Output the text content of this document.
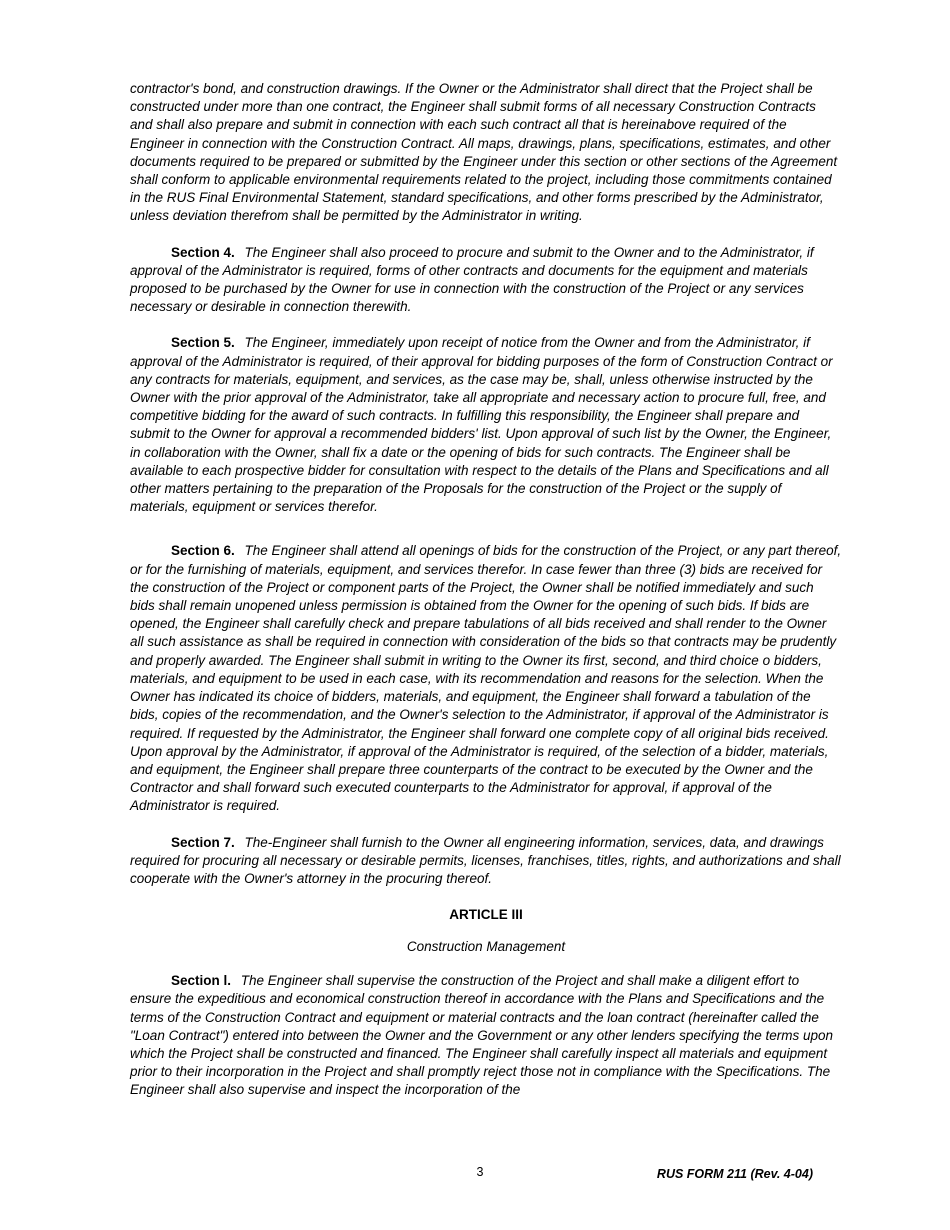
contractor's bond, and construction drawings. If the Owner or the Administrator shall direct that the Project shall be constructed under more than one contract, the Engineer shall submit forms of all necessary Construction Contracts and shall also prepare and submit in connection with each such contract all that is hereinabove required of the Engineer in connection with the Construction Contract. All maps, drawings, plans, specifications, estimates, and other documents required to be prepared or submitted by the Engineer under this section or other sections of the Agreement shall conform to applicable environmental requirements related to the project, including those commitments contained in the RUS Final Environmental Statement, standard specifications, and other forms prescribed by the Administrator, unless deviation therefrom shall be permitted by the Administrator in writing.

Section 4. The Engineer shall also proceed to procure and submit to the Owner and to the Administrator, if approval of the Administrator is required, forms of other contracts and documents for the equipment and materials proposed to be purchased by the Owner for use in connection with the construction of the Project or any services necessary or desirable in connection therewith.

Section 5. The Engineer, immediately upon receipt of notice from the Owner and from the Administrator, if approval of the Administrator is required, of their approval for bidding purposes of the form of Construction Contract or any contracts for materials, equipment, and services, as the case may be, shall, unless otherwise instructed by the Owner with the prior approval of the Administrator, take all appropriate and necessary action to procure full, free, and competitive bidding for the award of such contracts. In fulfilling this responsibility, the Engineer shall prepare and submit to the Owner for approval a recommended bidders' list. Upon approval of such list by the Owner, the Engineer, in collaboration with the Owner, shall fix a date or the opening of bids for such contracts. The Engineer shall be available to each prospective bidder for consultation with respect to the details of the Plans and Specifications and all other matters pertaining to the preparation of the Proposals for the construction of the Project or the supply of materials, equipment or services therefor.

Section 6. The Engineer shall attend all openings of bids for the construction of the Project, or any part thereof, or for the furnishing of materials, equipment, and services therefor. In case fewer than three (3) bids are received for the construction of the Project or component parts of the Project, the Owner shall be notified immediately and such bids shall remain unopened unless permission is obtained from the Owner for the opening of such bids. If bids are opened, the Engineer shall carefully check and prepare tabulations of all bids received and shall render to the Owner all such assistance as shall be required in connection with consideration of the bids so that contracts may be prudently and properly awarded. The Engineer shall submit in writing to the Owner its first, second, and third choice o bidders, materials, and equipment to be used in each case, with its recommendation and reasons for the selection. When the Owner has indicated its choice of bidders, materials, and equipment, the Engineer shall forward a tabulation of the bids, copies of the recommendation, and the Owner's selection to the Administrator, if approval of the Administrator is required. If requested by the Administrator, the Engineer shall forward one complete copy of all original bids received. Upon approval by the Administrator, if approval of the Administrator is required, of the selection of a bidder, materials, and equipment, the Engineer shall prepare three counterparts of the contract to be executed by the Owner and the Contractor and shall forward such executed counterparts to the Administrator for approval, if approval of the Administrator is required.

Section 7. The-Engineer shall furnish to the Owner all engineering information, services, data, and drawings required for procuring all necessary or desirable permits, licenses, franchises, titles, rights, and authorizations and shall cooperate with the Owner's attorney in the procuring thereof.

ARTICLE III
Construction Management

Section l. The Engineer shall supervise the construction of the Project and shall make a diligent effort to ensure the expeditious and economical construction thereof in accordance with the Plans and Specifications and the terms of the Construction Contract and equipment or material contracts and the loan contract (hereinafter called the "Loan Contract") entered into between the Owner and the Government or any other lenders specifying the terms upon which the Project shall be constructed and financed. The Engineer shall carefully inspect all materials and equipment prior to their incorporation in the Project and shall promptly reject those not in compliance with the Specifications. The Engineer shall also supervise and inspect the incorporation of the

3	RUS FORM 211 (Rev. 4-04)
